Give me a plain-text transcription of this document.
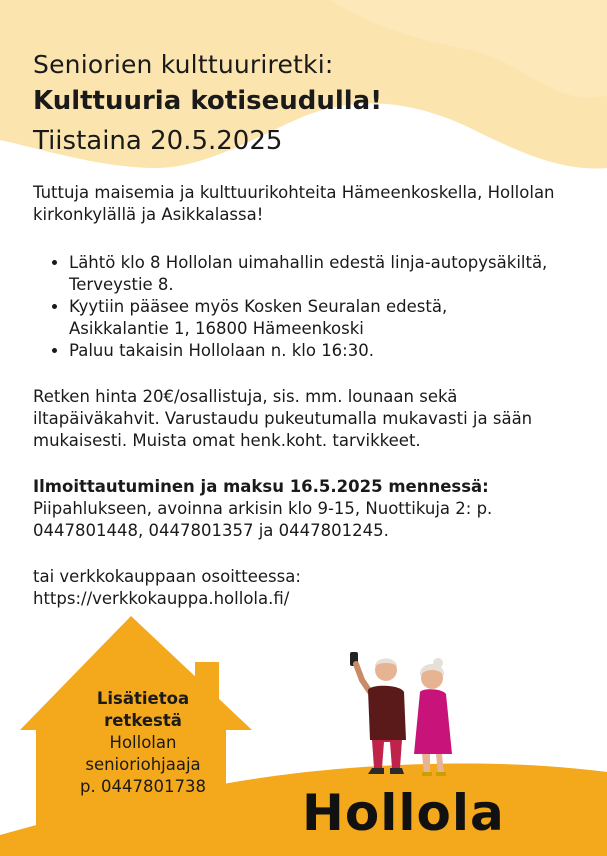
Seniorien kulttuuriretki:
Kulttuuria kotiseudulla!
Tiistaina 20.5.2025

Tuttuja maisemia ja kulttuurikohteita Hämeenkoskella, Hollolan kirkonkylällä ja Asikkalassa!

• Lähtö klo 8 Hollolan uimahallin edestä linja-autopysäkiltä, Terveystie 8.
• Kyytiin pääsee myös Kosken Seuralan edestä, Asikkalantie 1, 16800 Hämeenkoski
• Paluu takaisin Hollolaan n. klo 16:30.

Retken hinta 20€/osallistuja, sis. mm. lounaan sekä iltapäiväkahvit. Varustaudu pukeutumalla mukavasti ja sään mukaisesti. Muista omat henk.koht. tarvikkeet.

Ilmoittautuminen ja maksu 16.5.2025 mennessä:
Piipahlukseen, avoinna arkisin klo 9-15, Nuottikuja 2: p. 0447801448, 0447801357 ja 0447801245.
tai verkkokauppaan osoitteessa:
https://verkkokauppa.hollola.fi/
Lisätietoa
retkestä
Hollolan
senioriohjaaja
p. 0447801738	Hollola
